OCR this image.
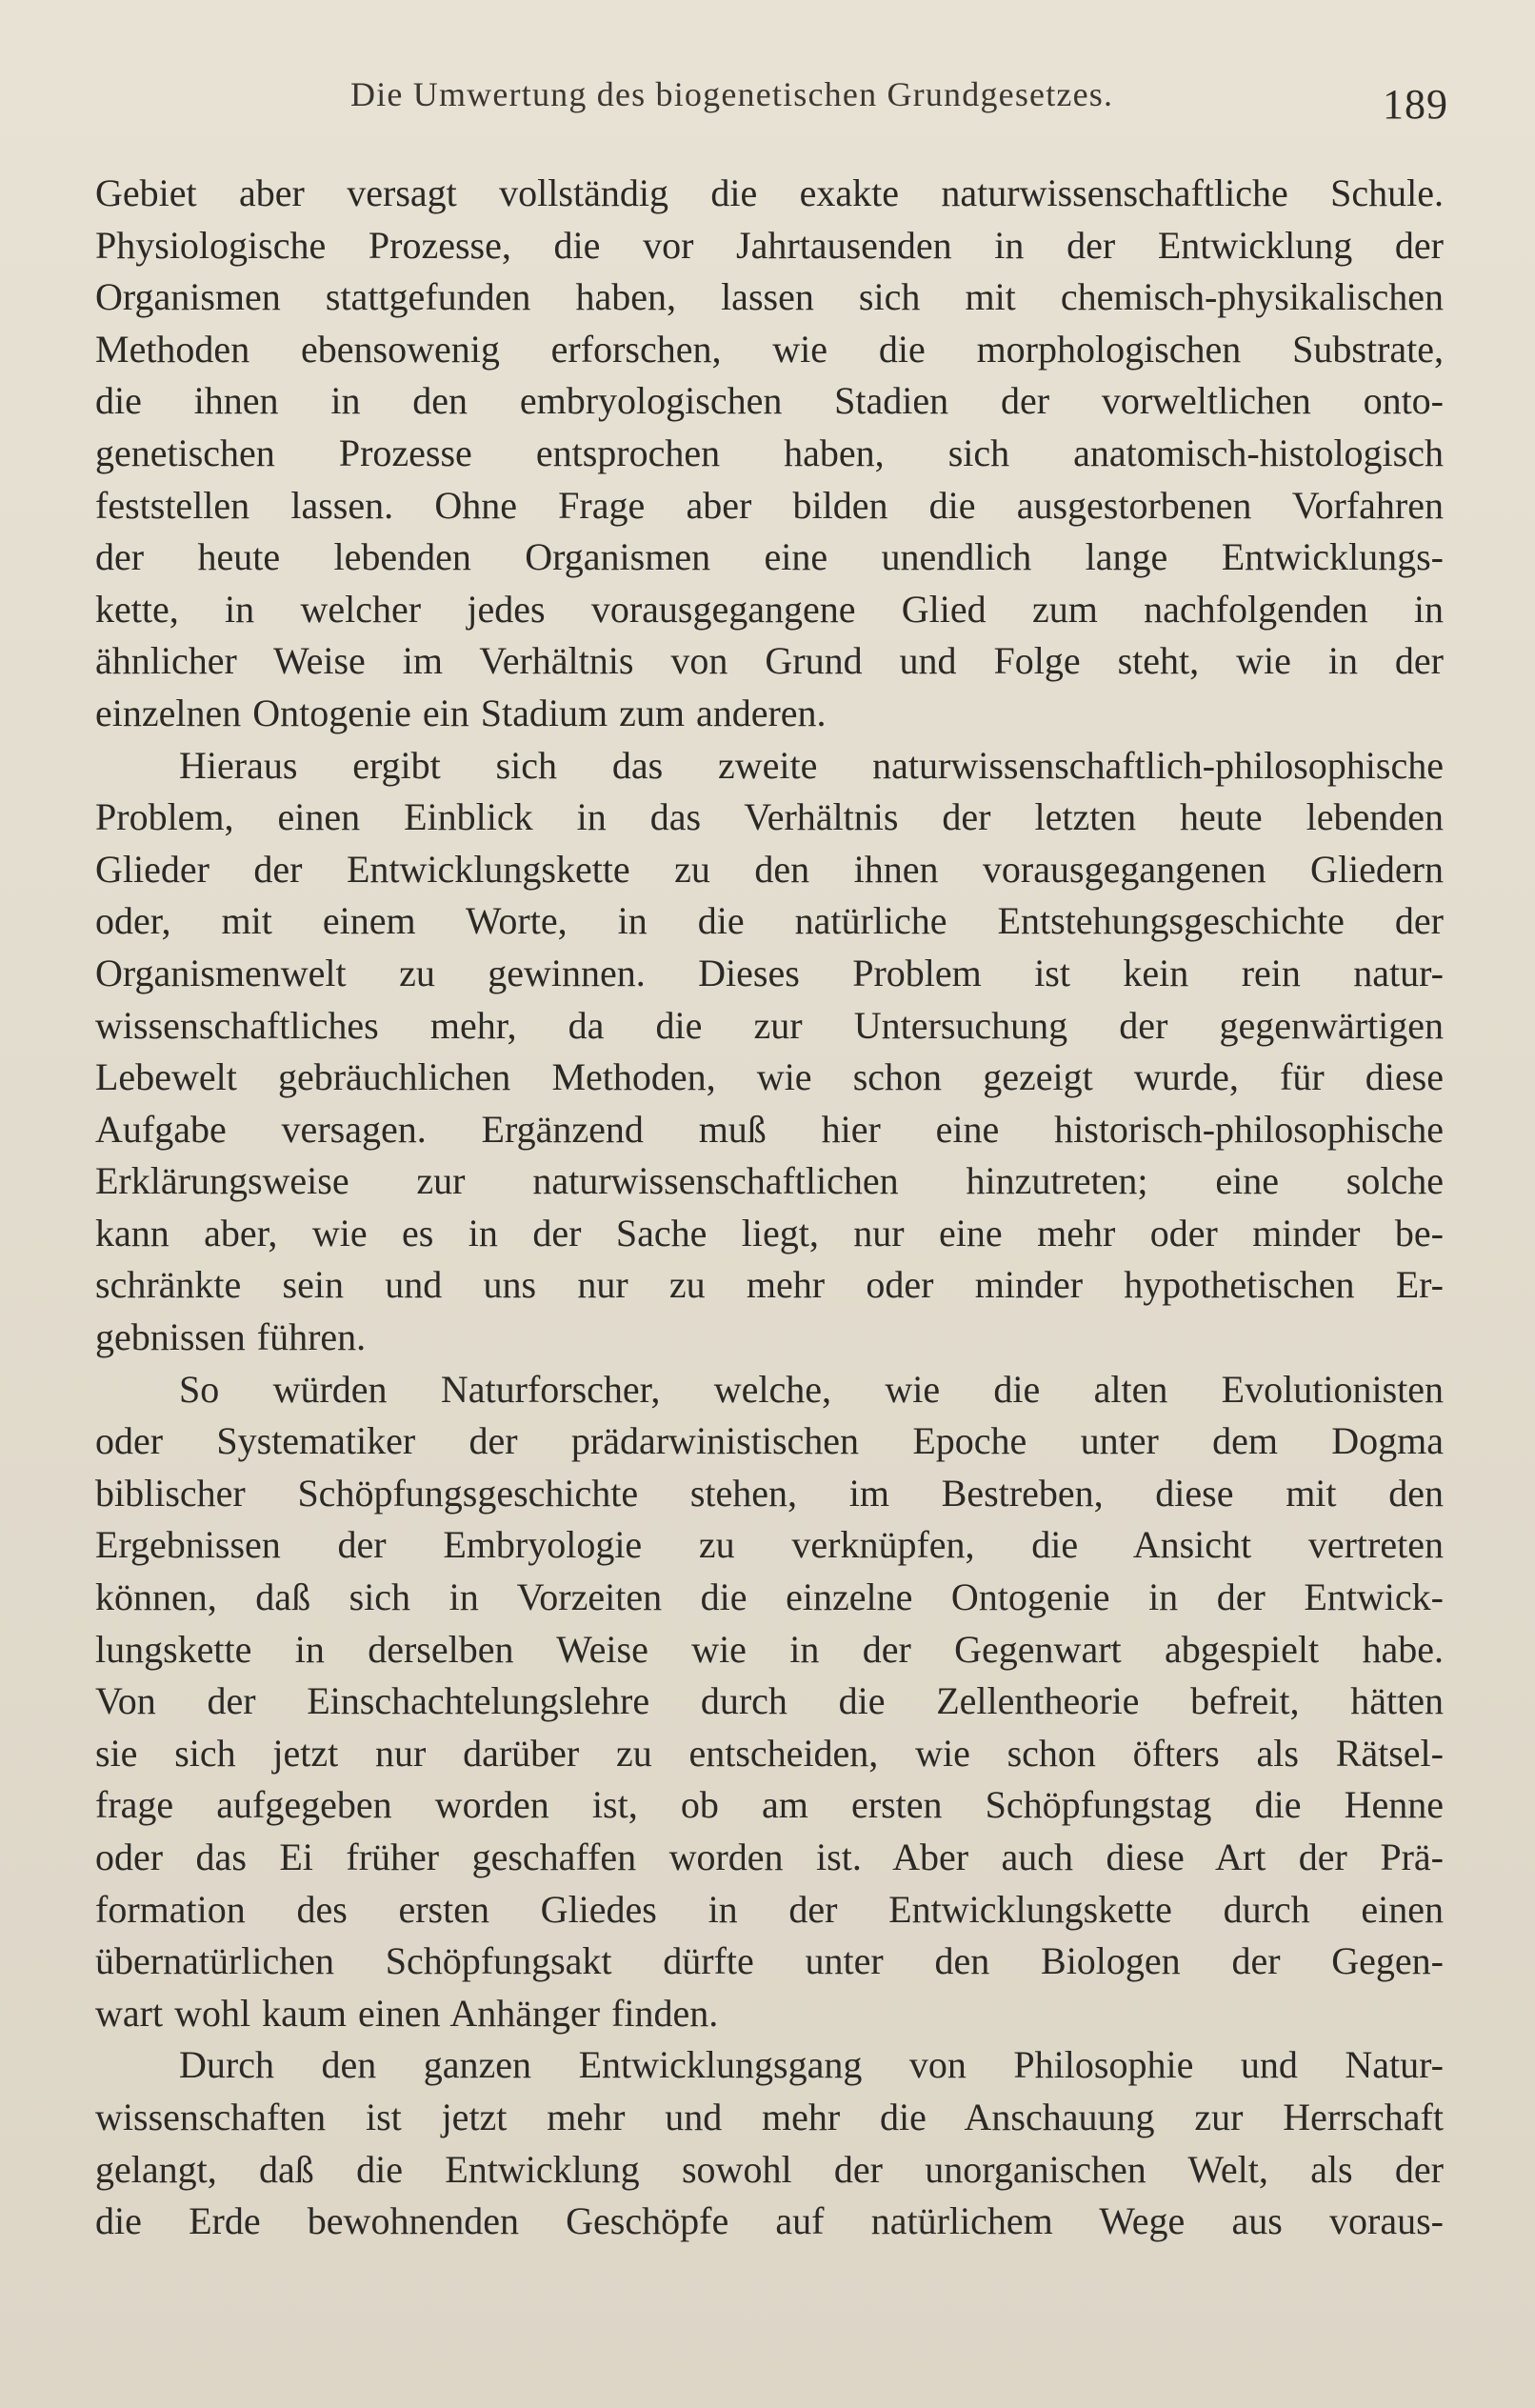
Die Umwertung des biogenetischen Grundgesetzes.	189
Gebiet aber versagt vollständig die exakte naturwissenschaftliche Schule.
Physiologische Prozesse, die vor Jahrtausenden in der Entwicklung der
Organismen stattgefunden haben, lassen sich mit chemisch-physikalischen
Methoden ebensowenig erforschen, wie die morphologischen Substrate,
die ihnen in den embryologischen Stadien der vorweltlichen onto-
genetischen Prozesse entsprochen haben, sich anatomisch-histologisch
feststellen lassen. Ohne Frage aber bilden die ausgestorbenen Vorfahren
der heute lebenden Organismen eine unendlich lange Entwicklungs-
kette, in welcher jedes vorausgegangene Glied zum nachfolgenden in
ähnlicher Weise im Verhältnis von Grund und Folge steht, wie in der
einzelnen Ontogenie ein Stadium zum anderen.
Hieraus ergibt sich das zweite naturwissenschaftlich-philosophische
Problem, einen Einblick in das Verhältnis der letzten heute lebenden
Glieder der Entwicklungskette zu den ihnen vorausgegangenen Gliedern
oder, mit einem Worte, in die natürliche Entstehungsgeschichte der
Organismenwelt zu gewinnen. Dieses Problem ist kein rein natur-
wissenschaftliches mehr, da die zur Untersuchung der gegenwärtigen
Lebewelt gebräuchlichen Methoden, wie schon gezeigt wurde, für diese
Aufgabe versagen. Ergänzend muß hier eine historisch-philosophische
Erklärungsweise zur naturwissenschaftlichen hinzutreten; eine solche
kann aber, wie es in der Sache liegt, nur eine mehr oder minder be-
schränkte sein und uns nur zu mehr oder minder hypothetischen Er-
gebnissen führen.
So würden Naturforscher, welche, wie die alten Evolutionisten
oder Systematiker der prädarwinistischen Epoche unter dem Dogma
biblischer Schöpfungsgeschichte stehen, im Bestreben, diese mit den
Ergebnissen der Embryologie zu verknüpfen, die Ansicht vertreten
können, daß sich in Vorzeiten die einzelne Ontogenie in der Entwick-
lungskette in derselben Weise wie in der Gegenwart abgespielt habe.
Von der Einschachtelungslehre durch die Zellentheorie befreit, hätten
sie sich jetzt nur darüber zu entscheiden, wie schon öfters als Rätsel-
frage aufgegeben worden ist, ob am ersten Schöpfungstag die Henne
oder das Ei früher geschaffen worden ist. Aber auch diese Art der Prä-
formation des ersten Gliedes in der Entwicklungskette durch einen
übernatürlichen Schöpfungsakt dürfte unter den Biologen der Gegen-
wart wohl kaum einen Anhänger finden.
Durch den ganzen Entwicklungsgang von Philosophie und Natur-
wissenschaften ist jetzt mehr und mehr die Anschauung zur Herrschaft
gelangt, daß die Entwicklung sowohl der unorganischen Welt, als der
die Erde bewohnenden Geschöpfe auf natürlichem Wege aus voraus-
